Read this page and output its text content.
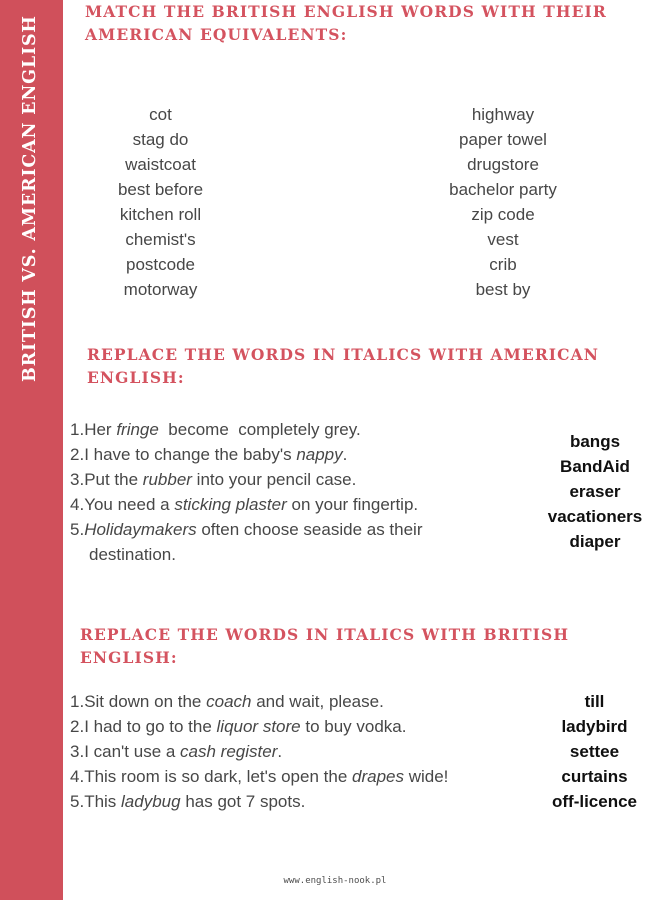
BRITISH VS. AMERICAN ENGLISH
MATCH THE BRITISH ENGLISH WORDS WITH THEIR
AMERICAN EQUIVALENTS:
cot
stag do
waistcoat
best before
kitchen roll
chemist's
postcode
motorway
highway
paper towel
drugstore
bachelor party
zip code
vest
crib
best by
REPLACE THE WORDS IN ITALICS WITH AMERICAN
ENGLISH:
1.Her fringe  become  completely grey.
2.I have to change the baby's nappy.
3.Put the rubber into your pencil case.
4.You need a sticking plaster on your fingertip.
5.Holidaymakers often choose seaside as their
destination.
bangs
BandAid
eraser
vacationers
diaper
REPLACE THE WORDS IN ITALICS WITH BRITISH
ENGLISH:
1.Sit down on the coach and wait, please.
2.I had to go to the liquor store to buy vodka.
3.I can't use a cash register.
4.This room is so dark, let's open the drapes wide!
5.This ladybug has got 7 spots.
till
ladybird
settee
curtains
off-licence
www.english-nook.pl
